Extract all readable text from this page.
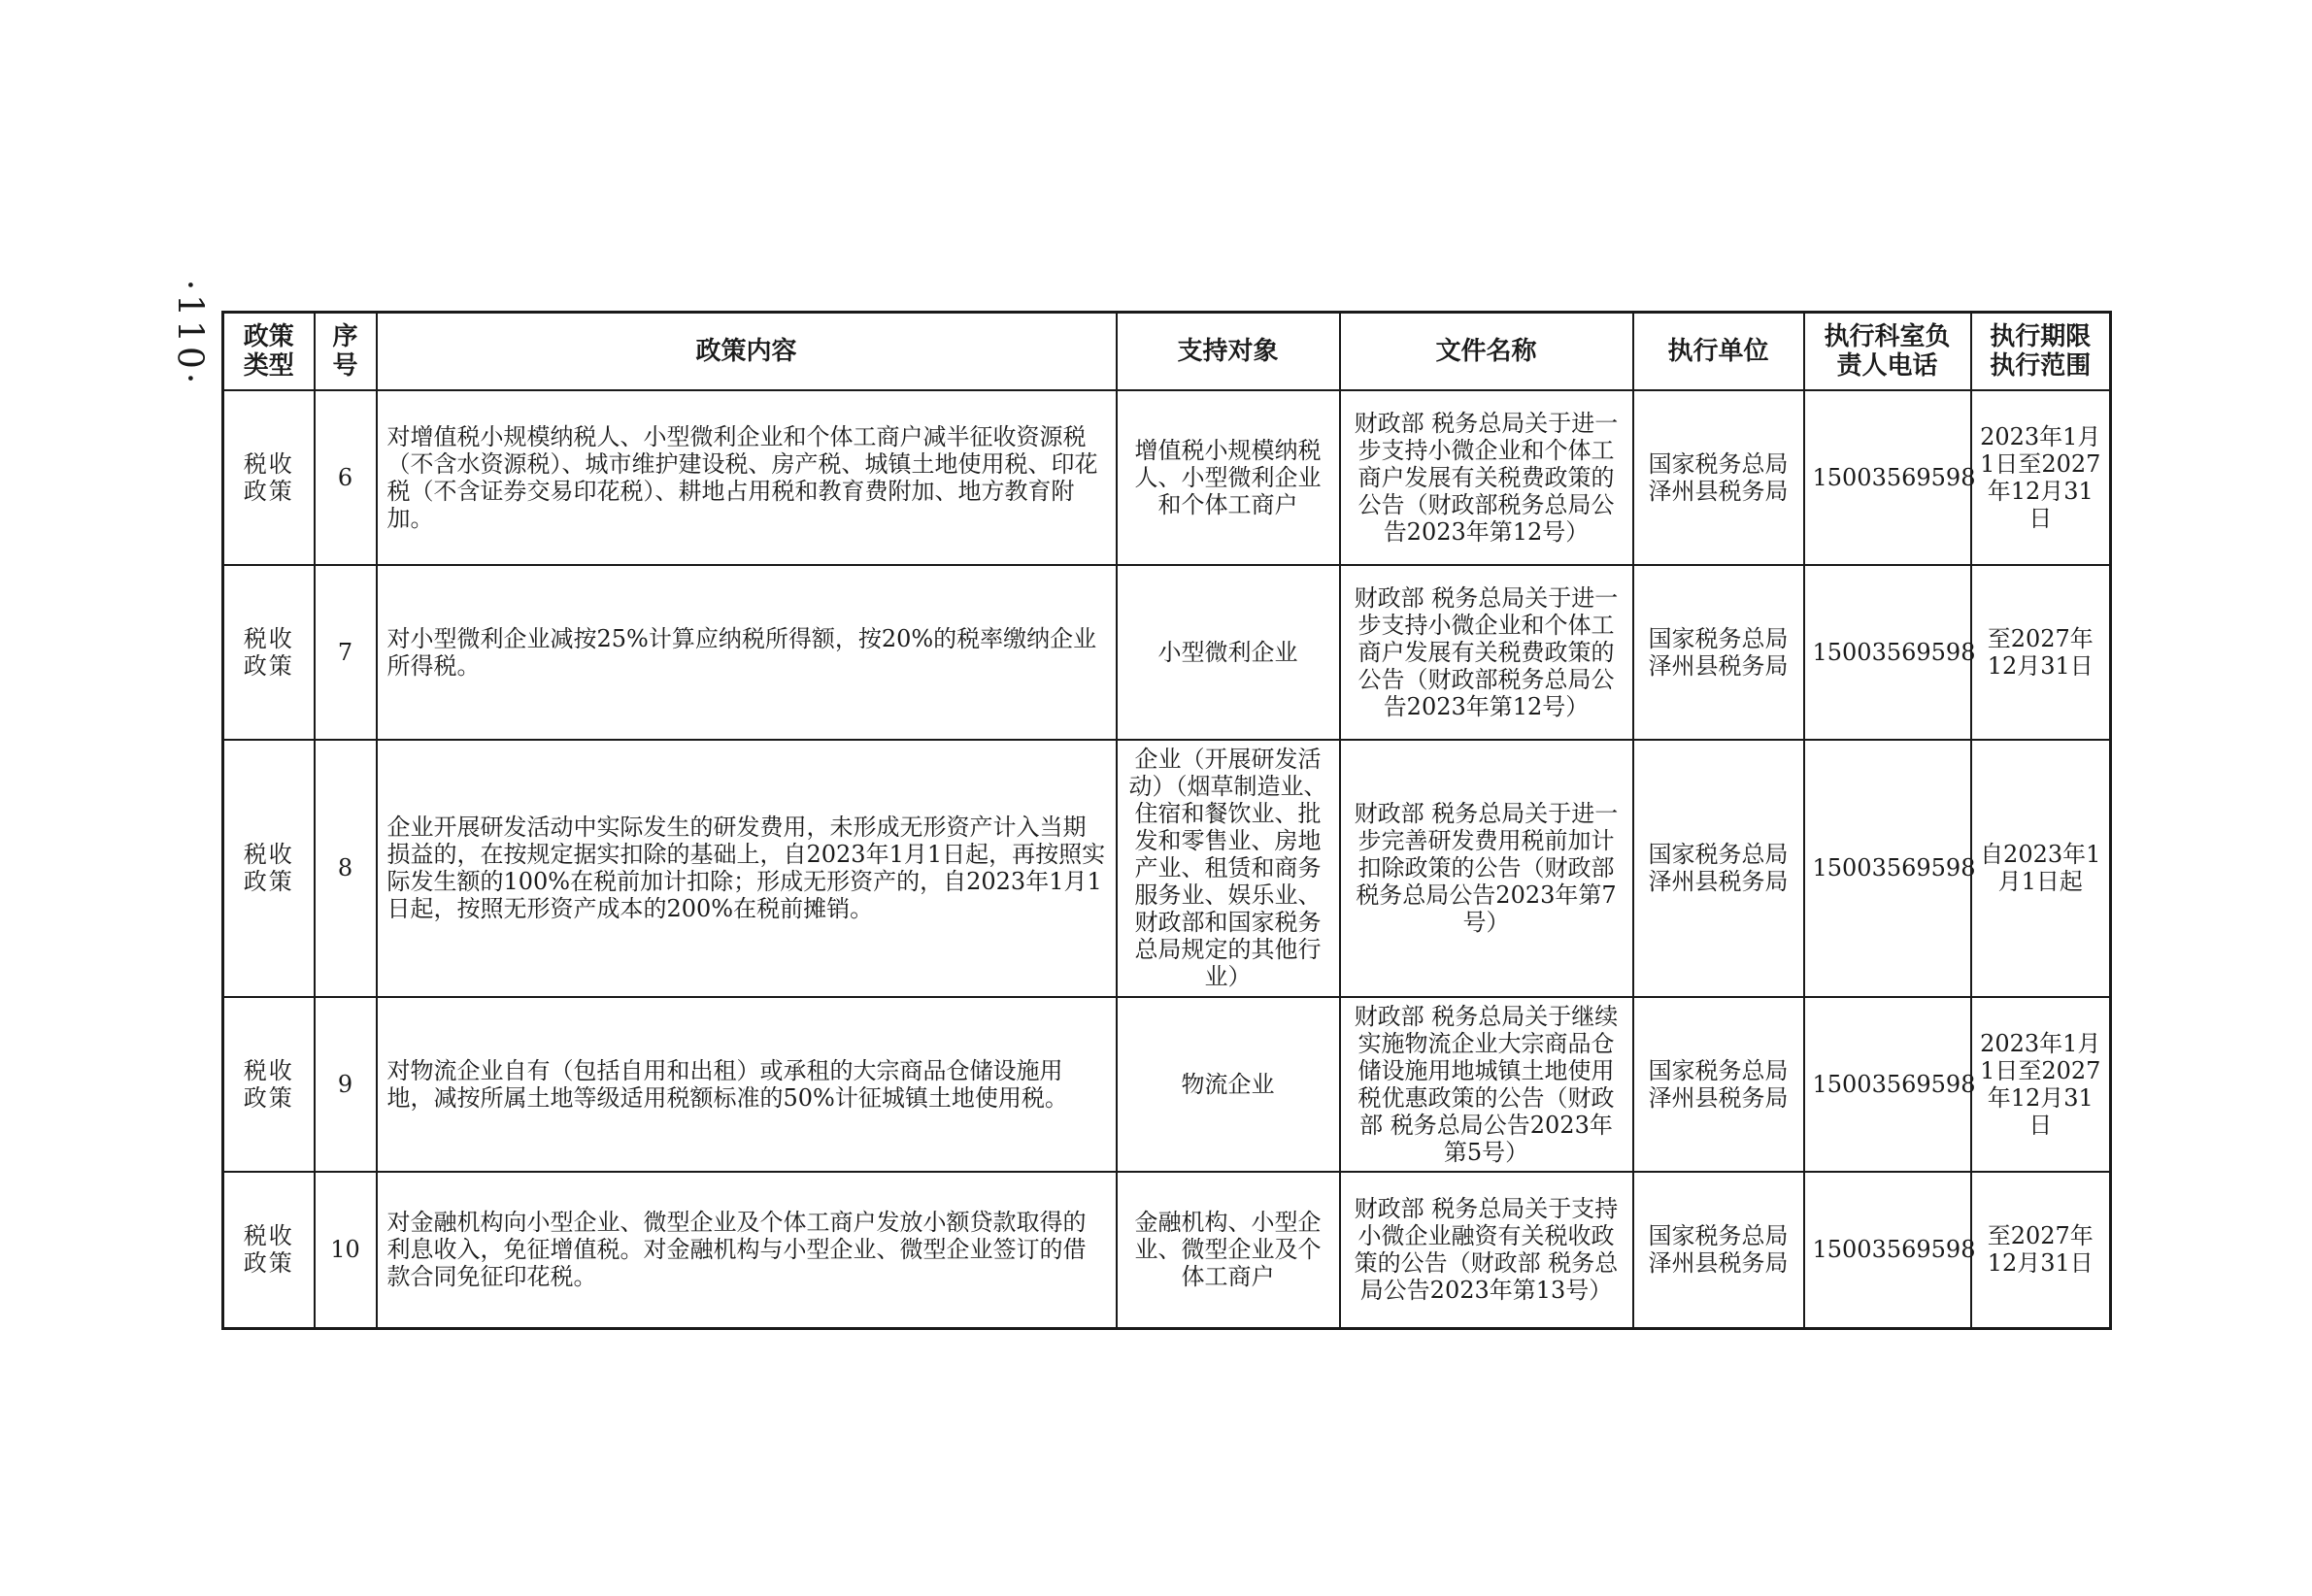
·110· 政策类型	序号	政策内容	支持对象	文件名称	执行单位	执行科室负责人电话	执行期限执行范围
税收政策	6	对增值税小规模纳税人、小型微利企业和个体工商户减半征收资源税（不含水资源税）、城市维护建设税、房产税、城镇土地使用税、印花税（不含证券交易印花税）、耕地占用税和教育费附加、地方教育附加。	增值税小规模纳税人、小型微利企业和个体工商户	财政部 税务总局关于进一步支持小微企业和个体工商户发展有关税费政策的公告（财政部税务总局公告2023年第12号）	国家税务总局泽州县税务局	15003569598	2023年1月1日至2027年12月31日
税收政策	7	对小型微利企业减按25%计算应纳税所得额，按20%的税率缴纳企业所得税。	小型微利企业	财政部 税务总局关于进一步支持小微企业和个体工商户发展有关税费政策的公告（财政部税务总局公告2023年第12号）	国家税务总局泽州县税务局	15003569598	至2027年12月31日
税收政策	8	企业开展研发活动中实际发生的研发费用，未形成无形资产计入当期损益的，在按规定据实扣除的基础上，自2023年1月1日起，再按照实际发生额的100%在税前加计扣除；形成无形资产的，自2023年1月1日起，按照无形资产成本的200%在税前摊销。	企业（开展研发活动）（烟草制造业、住宿和餐饮业、批发和零售业、房地产业、租赁和商务服务业、娱乐业、财政部和国家税务总局规定的其他行业）	财政部 税务总局关于进一步完善研发费用税前加计扣除政策的公告（财政部 税务总局公告2023年第7号）	国家税务总局泽州县税务局	15003569598	自2023年1月1日起
税收政策	9	对物流企业自有（包括自用和出租）或承租的大宗商品仓储设施用地，减按所属土地等级适用税额标准的50%计征城镇土地使用税。	物流企业	财政部 税务总局关于继续实施物流企业大宗商品仓储设施用地城镇土地使用税优惠政策的公告（财政部 税务总局公告2023年第5号）	国家税务总局泽州县税务局	15003569598	2023年1月1日至2027年12月31日
税收政策	10	对金融机构向小型企业、微型企业及个体工商户发放小额贷款取得的利息收入，免征增值税。对金融机构与小型企业、微型企业签订的借款合同免征印花税。	金融机构、小型企业、微型企业及个体工商户	财政部 税务总局关于支持小微企业融资有关税收政策的公告（财政部 税务总局公告2023年第13号）	国家税务总局泽州县税务局	15003569598	至2027年12月31日
